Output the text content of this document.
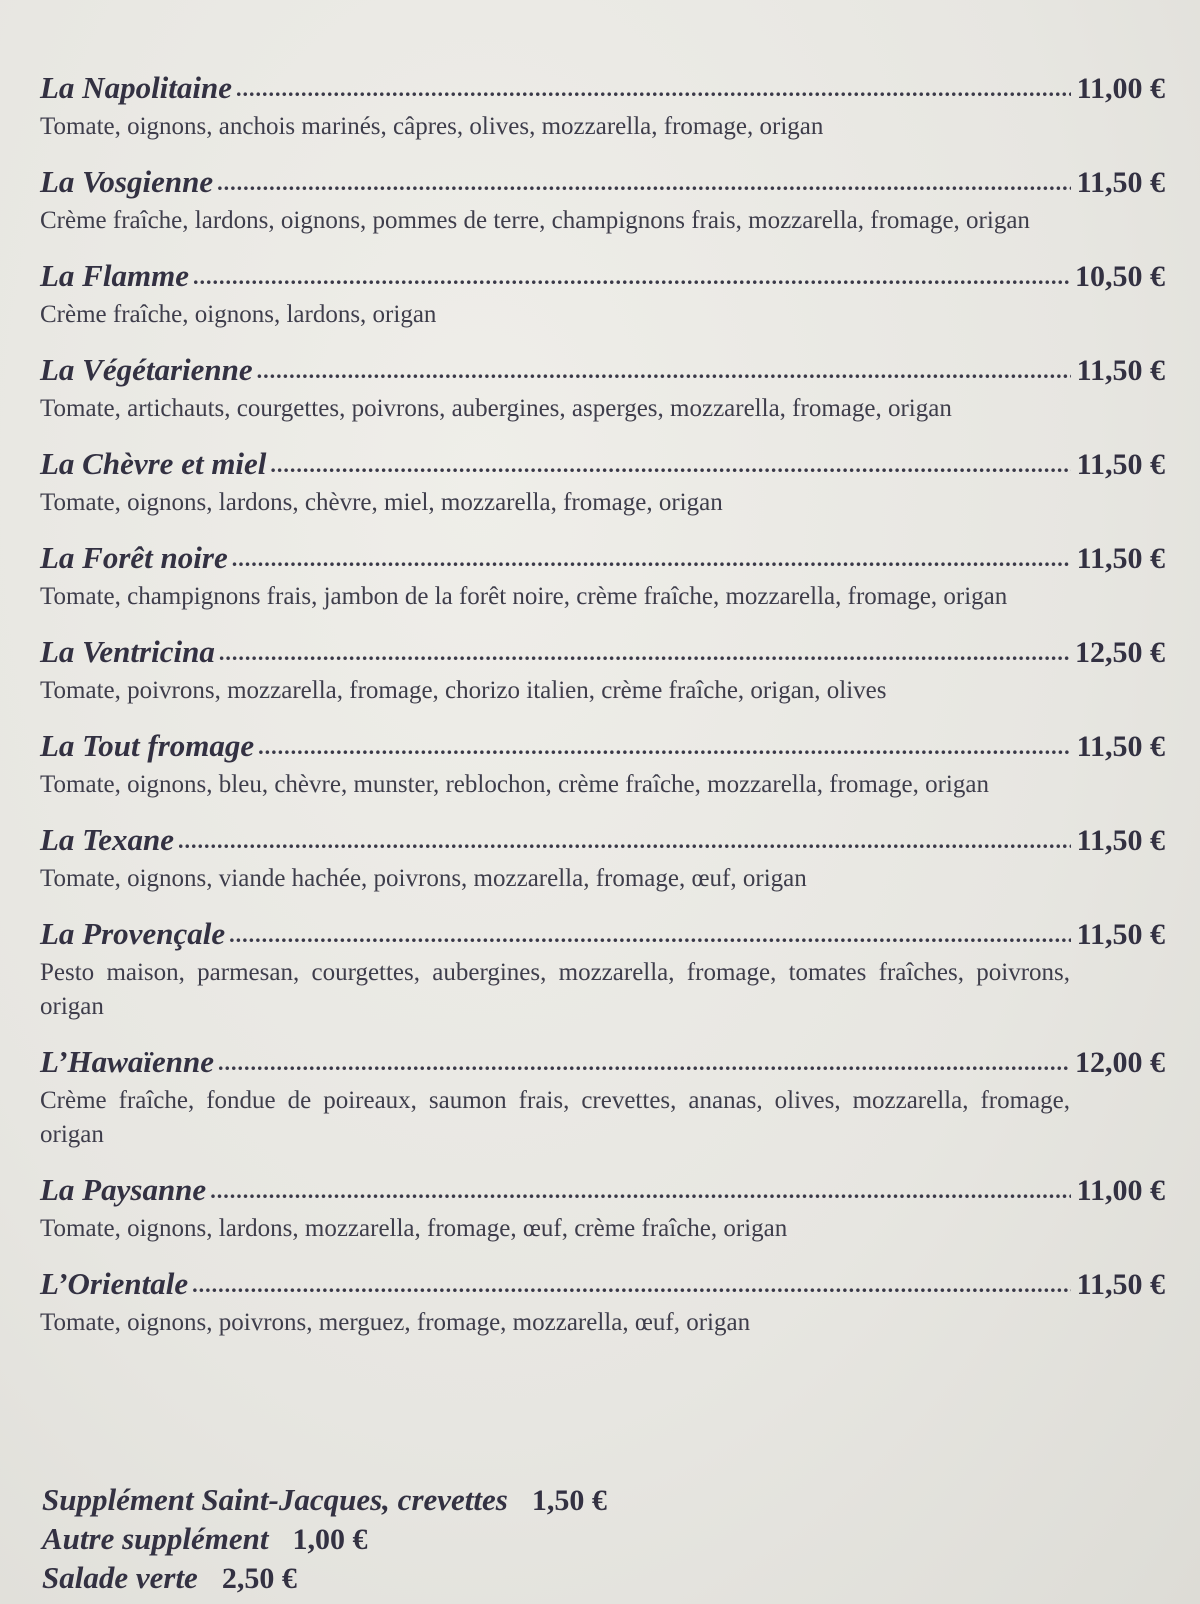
La Napolitaine .....	11,00 €
Tomate, oignons, anchois marinés, câpres, olives, mozzarella, fromage, origan
La Vosgienne .....	11,50 €
Crème fraîche, lardons, oignons, pommes de terre, champignons frais, mozzarella, fromage, origan
La Flamme .....	10,50 €
Crème fraîche, oignons, lardons, origan
La Végétarienne .....	11,50 €
Tomate, artichauts, courgettes, poivrons, aubergines, asperges, mozzarella, fromage, origan
La Chèvre et miel .....	11,50 €
Tomate, oignons, lardons, chèvre, miel, mozzarella, fromage, origan
La Forêt noire .....	11,50 €
Tomate, champignons frais, jambon de la forêt noire, crème fraîche, mozzarella, fromage, origan
La Ventricina .....	12,50 €
Tomate, poivrons, mozzarella, fromage, chorizo italien, crème fraîche, origan, olives
La Tout fromage .....	11,50 €
Tomate, oignons, bleu, chèvre, munster, reblochon, crème fraîche, mozzarella, fromage, origan
La Texane .....	11,50 €
Tomate, oignons, viande hachée, poivrons, mozzarella, fromage, œuf, origan
La Provençale .....	11,50 €
Pesto maison, parmesan, courgettes, aubergines, mozzarella, fromage, tomates fraîches, poivrons, origan
L’Hawaïenne .....	12,00 €
Crème fraîche, fondue de poireaux, saumon frais, crevettes, ananas, olives, mozzarella, fromage, origan
La Paysanne .....	11,00 €
Tomate, oignons, lardons, mozzarella, fromage, œuf, crème fraîche, origan
L’Orientale .....	11,50 €
Tomate, oignons, poivrons, merguez, fromage, mozzarella, œuf, origan
Supplément Saint-Jacques, crevettes 1,50 €
Autre supplément 1,00 €
Salade verte 2,50 €
